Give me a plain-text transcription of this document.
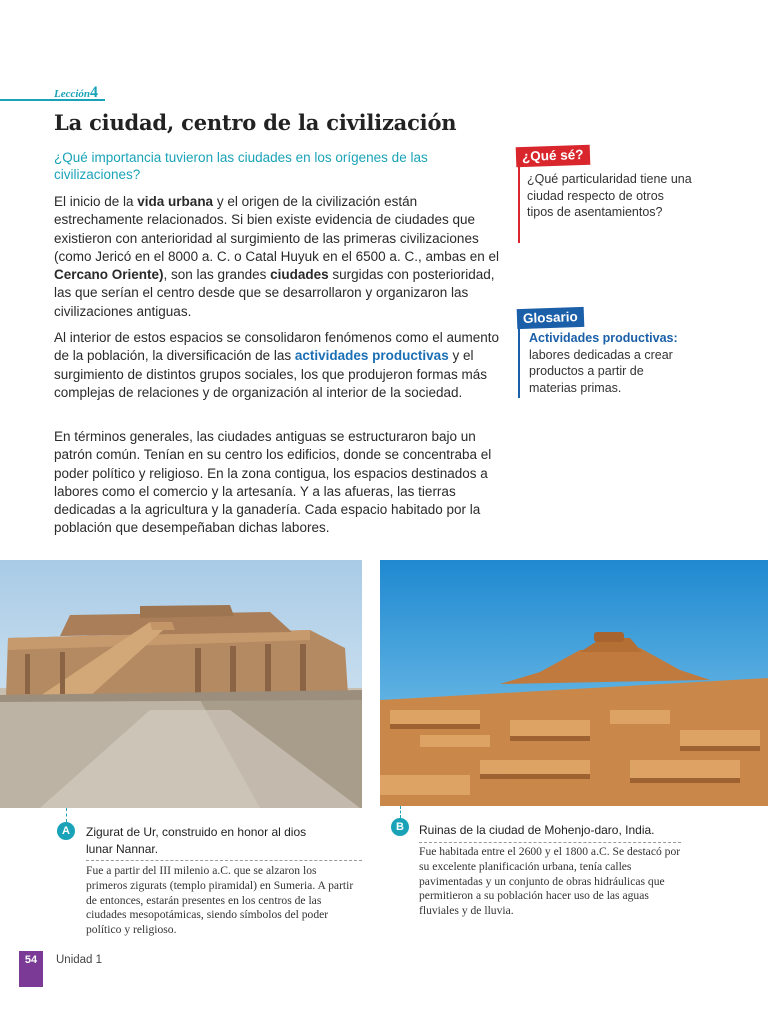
Lección4
La ciudad, centro de la civilización
¿Qué importancia tuvieron las ciudades en los orígenes de las civilizaciones?
El inicio de la vida urbana y el origen de la civilización están estrechamente relacionados. Si bien existe evidencia de ciudades que existieron con anterioridad al surgimiento de las primeras civilizaciones (como Jericó en el 8000 a. C. o Catal Huyuk en el 6500 a. C., ambas en el Cercano Oriente), son las grandes ciudades surgidas con posterioridad, las que serían el centro desde que se desarrollaron y organizaron las civilizaciones antiguas.
Al interior de estos espacios se consolidaron fenómenos como el aumento de la población, la diversificación de las actividades productivas y el surgimiento de distintos grupos sociales, los que produjeron formas más complejas de relaciones y de organización al interior de la sociedad.
En términos generales, las ciudades antiguas se estructuraron bajo un patrón común. Tenían en su centro los edificios, donde se concentraba el poder político y religioso. En la zona contigua, los espacios destinados a labores como el comercio y la artesanía. Y a las afueras, las tierras dedicadas a la agricultura y la ganadería. Cada espacio habitado por la población que desempeñaban dichas labores.
¿Qué sé?
¿Qué particularidad tiene una ciudad respecto de otros tipos de asentamientos?
Glosario
Actividades productivas:
labores dedicadas a crear productos a partir de materias primas.
A	Zigurat de Ur, construido en honor al dios lunar Nannar.
Fue a partir del III milenio a.C. que se alzaron los primeros zigurats (templo piramidal) en Sumeria. A partir de entonces, estarán presentes en los centros de las ciudades mesopotámicas, siendo símbolos del poder político y religioso.
B	Ruinas de la ciudad de Mohenjo-daro, India.
Fue habitada entre el 2600 y el 1800 a.C. Se destacó por su excelente planificación urbana, tenía calles pavimentadas y un conjunto de obras hidráulicas que permitieron a su población hacer uso de las aguas fluviales y de lluvia.
54	Unidad 1
